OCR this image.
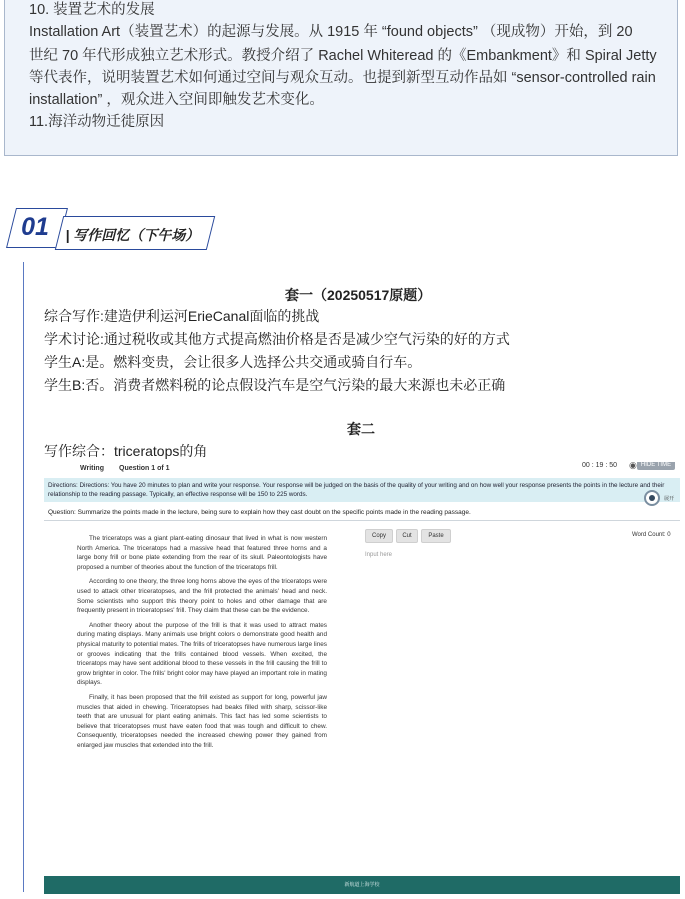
10. 装置艺术的发展
Installation Art（装置艺术）的起源与发展。从 1915 年 “found objects” （现成物）开始，到 20
世纪 70 年代形成独立艺术形式。教授介绍了 Rachel Whiteread 的《Embankment》和 Spiral Jetty
等代表作，说明装置艺术如何通过空间与观众互动。也提到新型互动作品如 “sensor-controlled rain
installation” ，观众进入空间即触发艺术变化。
11.海洋动物迁徙原因
01 | 写作回忆（下午场）
套一（20250517原题）
综合写作:建造伊利运河ErieCanal面临的挑战
学术讨论:通过税收或其他方式提高燃油价格是否是减少空气污染的好的方式
学生A:是。燃料变贵，会让很多人选择公共交通或骑自行车。
学生B:否。消费者燃料税的论点假设汽车是空气污染的最大来源也未必正确
套二
写作综合：triceratops的角
Writing Question 1 of 1	00 : 19 : 50 ◉ HIDE TIME

Directions: Directions: You have 20 minutes to plan and write your response. Your response will be judged on the basis of the quality of your writing and on how well your response presents the points in the lecture and their relationship to the reading passage. Typically, an effective response will be 150 to 225 words.

展开
Question: Summarize the points made in the lecture, being sure to explain how they cast doubt on the specific points made in the reading passage.

The triceratops was a giant plant-eating dinosaur that lived in what is now western North America. The triceratops had a massive head that featured three horns and a large bony frill or bone plate extending from the rear of its skull. Paleontologists have proposed a number of theories about the function of the triceratops frill.

According to one theory, the three long horns above the eyes of the triceratops were used to attack other triceratopses, and the frill protected the animals' head and neck. Some scientists who support this theory point to holes and other damage that are frequently present in triceratopses' frill. They claim that these can be the evidence.

Another theory about the purpose of the frill is that it was used to attract mates during mating displays. Many animals use bright colors o demonstrate good health and physical maturity to potential mates. The frills of triceratopses have numerous large lines or grooves indicating that the frills contained blood vessels. When excited, the triceratops may have sent additional blood to these vessels in the frill causing the frill to grow brighter in color. The frills' bright color may have played an important role in mating displays.

Finally, it has been proposed that the frill existed as support for long, powerful jaw muscles that aided in chewing. Triceratopses had beaks filled with sharp, scissor-like teeth that are unusual for plant eating animals. This fact has led some scientists to believe that triceratopses must have eaten food that was tough and difficult to chew. Consequently, triceratopses needed the increased chewing power they gained from enlarged jaw muscles that extended into the frill.

Copy	Cut	Paste	Word Count: 0
Input here
新航道上海学校
